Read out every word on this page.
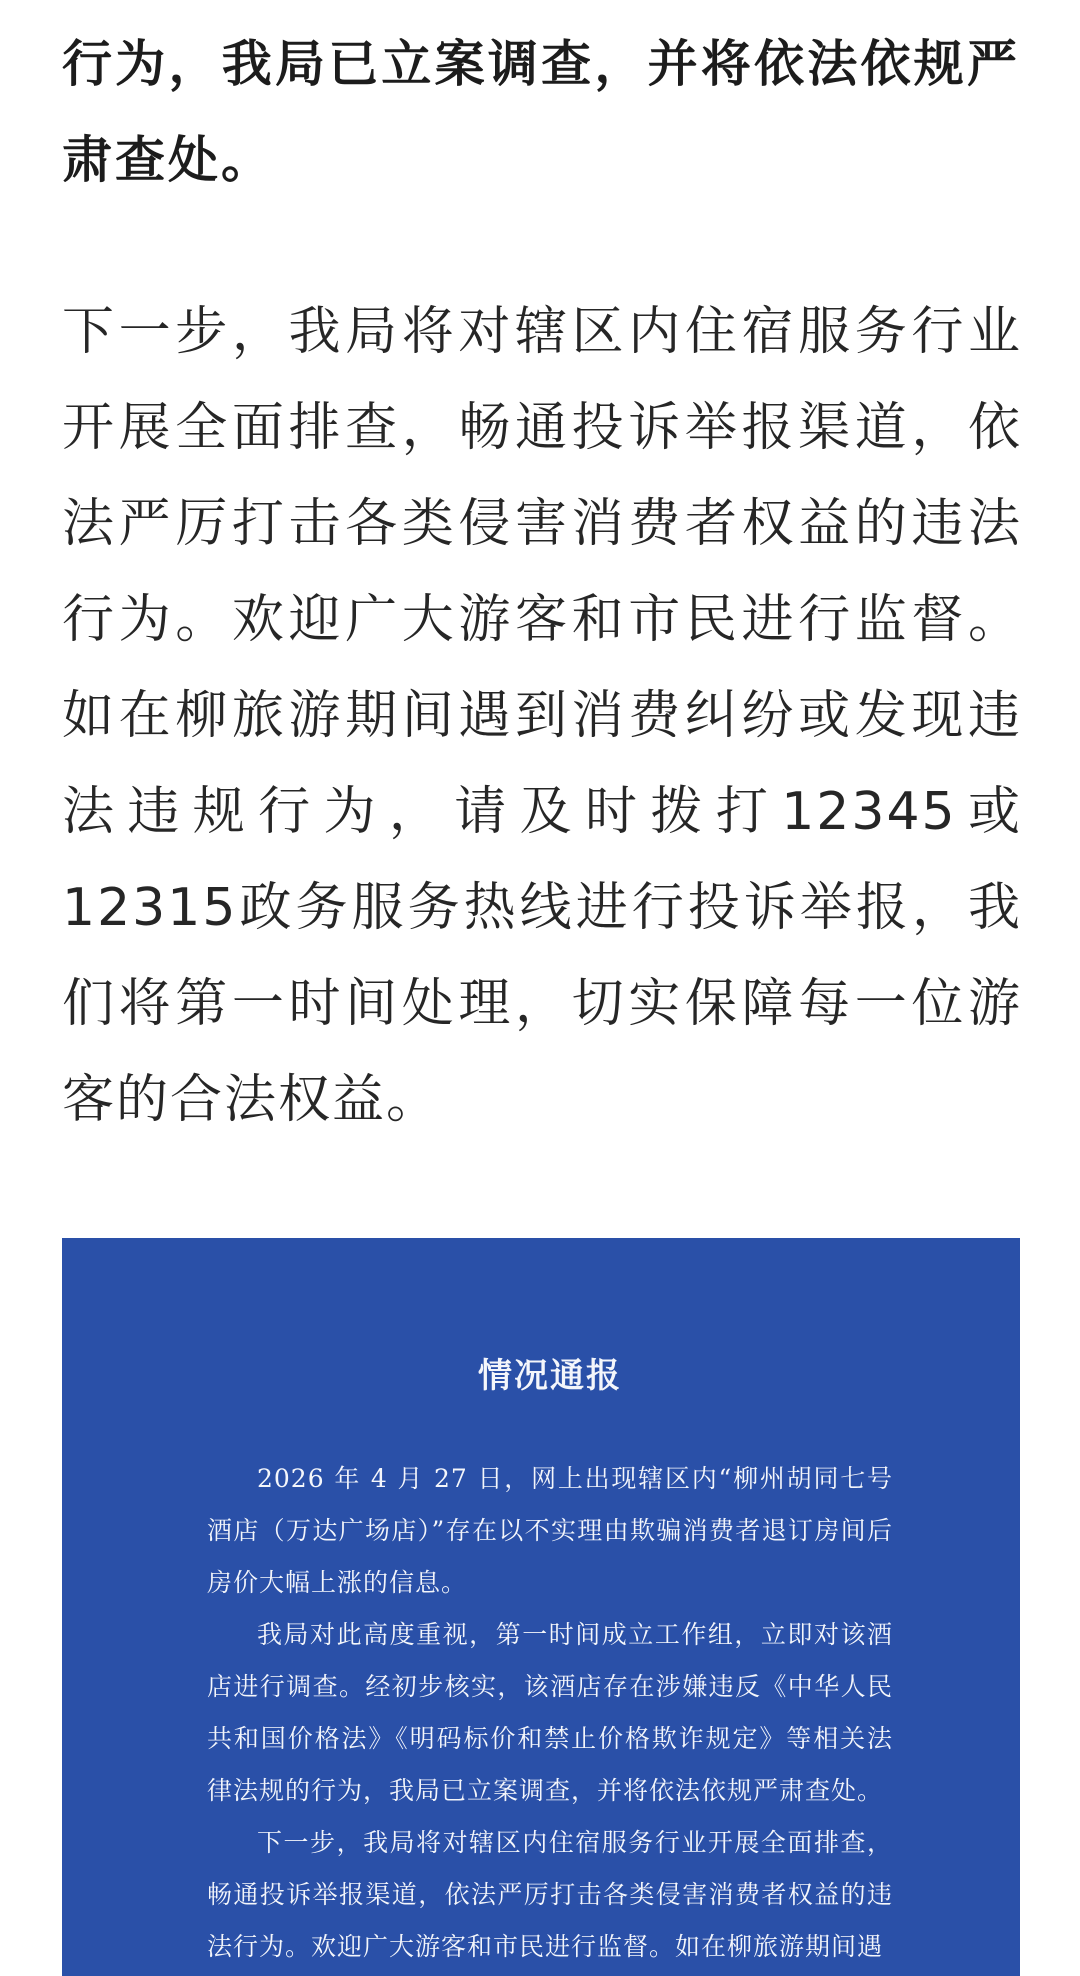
行为，我局已立案调查，并将依法依规严肃查处。

下一步，我局将对辖区内住宿服务行业开展全面排查，畅通投诉举报渠道，依法严厉打击各类侵害消费者权益的违法行为。欢迎广大游客和市民进行监督。如在柳旅游期间遇到消费纠纷或发现违法违规行为，请及时拨打12345或12315政务服务热线进行投诉举报，我们将第一时间处理，切实保障每一位游客的合法权益。

情况通报

2026 年 4 月 27 日，网上出现辖区内“柳州胡同七号酒店（万达广场店）”存在以不实理由欺骗消费者退订房间后房价大幅上涨的信息。

我局对此高度重视，第一时间成立工作组，立即对该酒店进行调查。经初步核实，该酒店存在涉嫌违反《中华人民共和国价格法》《明码标价和禁止价格欺诈规定》等相关法律法规的行为，我局已立案调查，并将依法依规严肃查处。

下一步，我局将对辖区内住宿服务行业开展全面排查，畅通投诉举报渠道，依法严厉打击各类侵害消费者权益的违法行为。欢迎广大游客和市民进行监督。如在柳旅游期间遇
